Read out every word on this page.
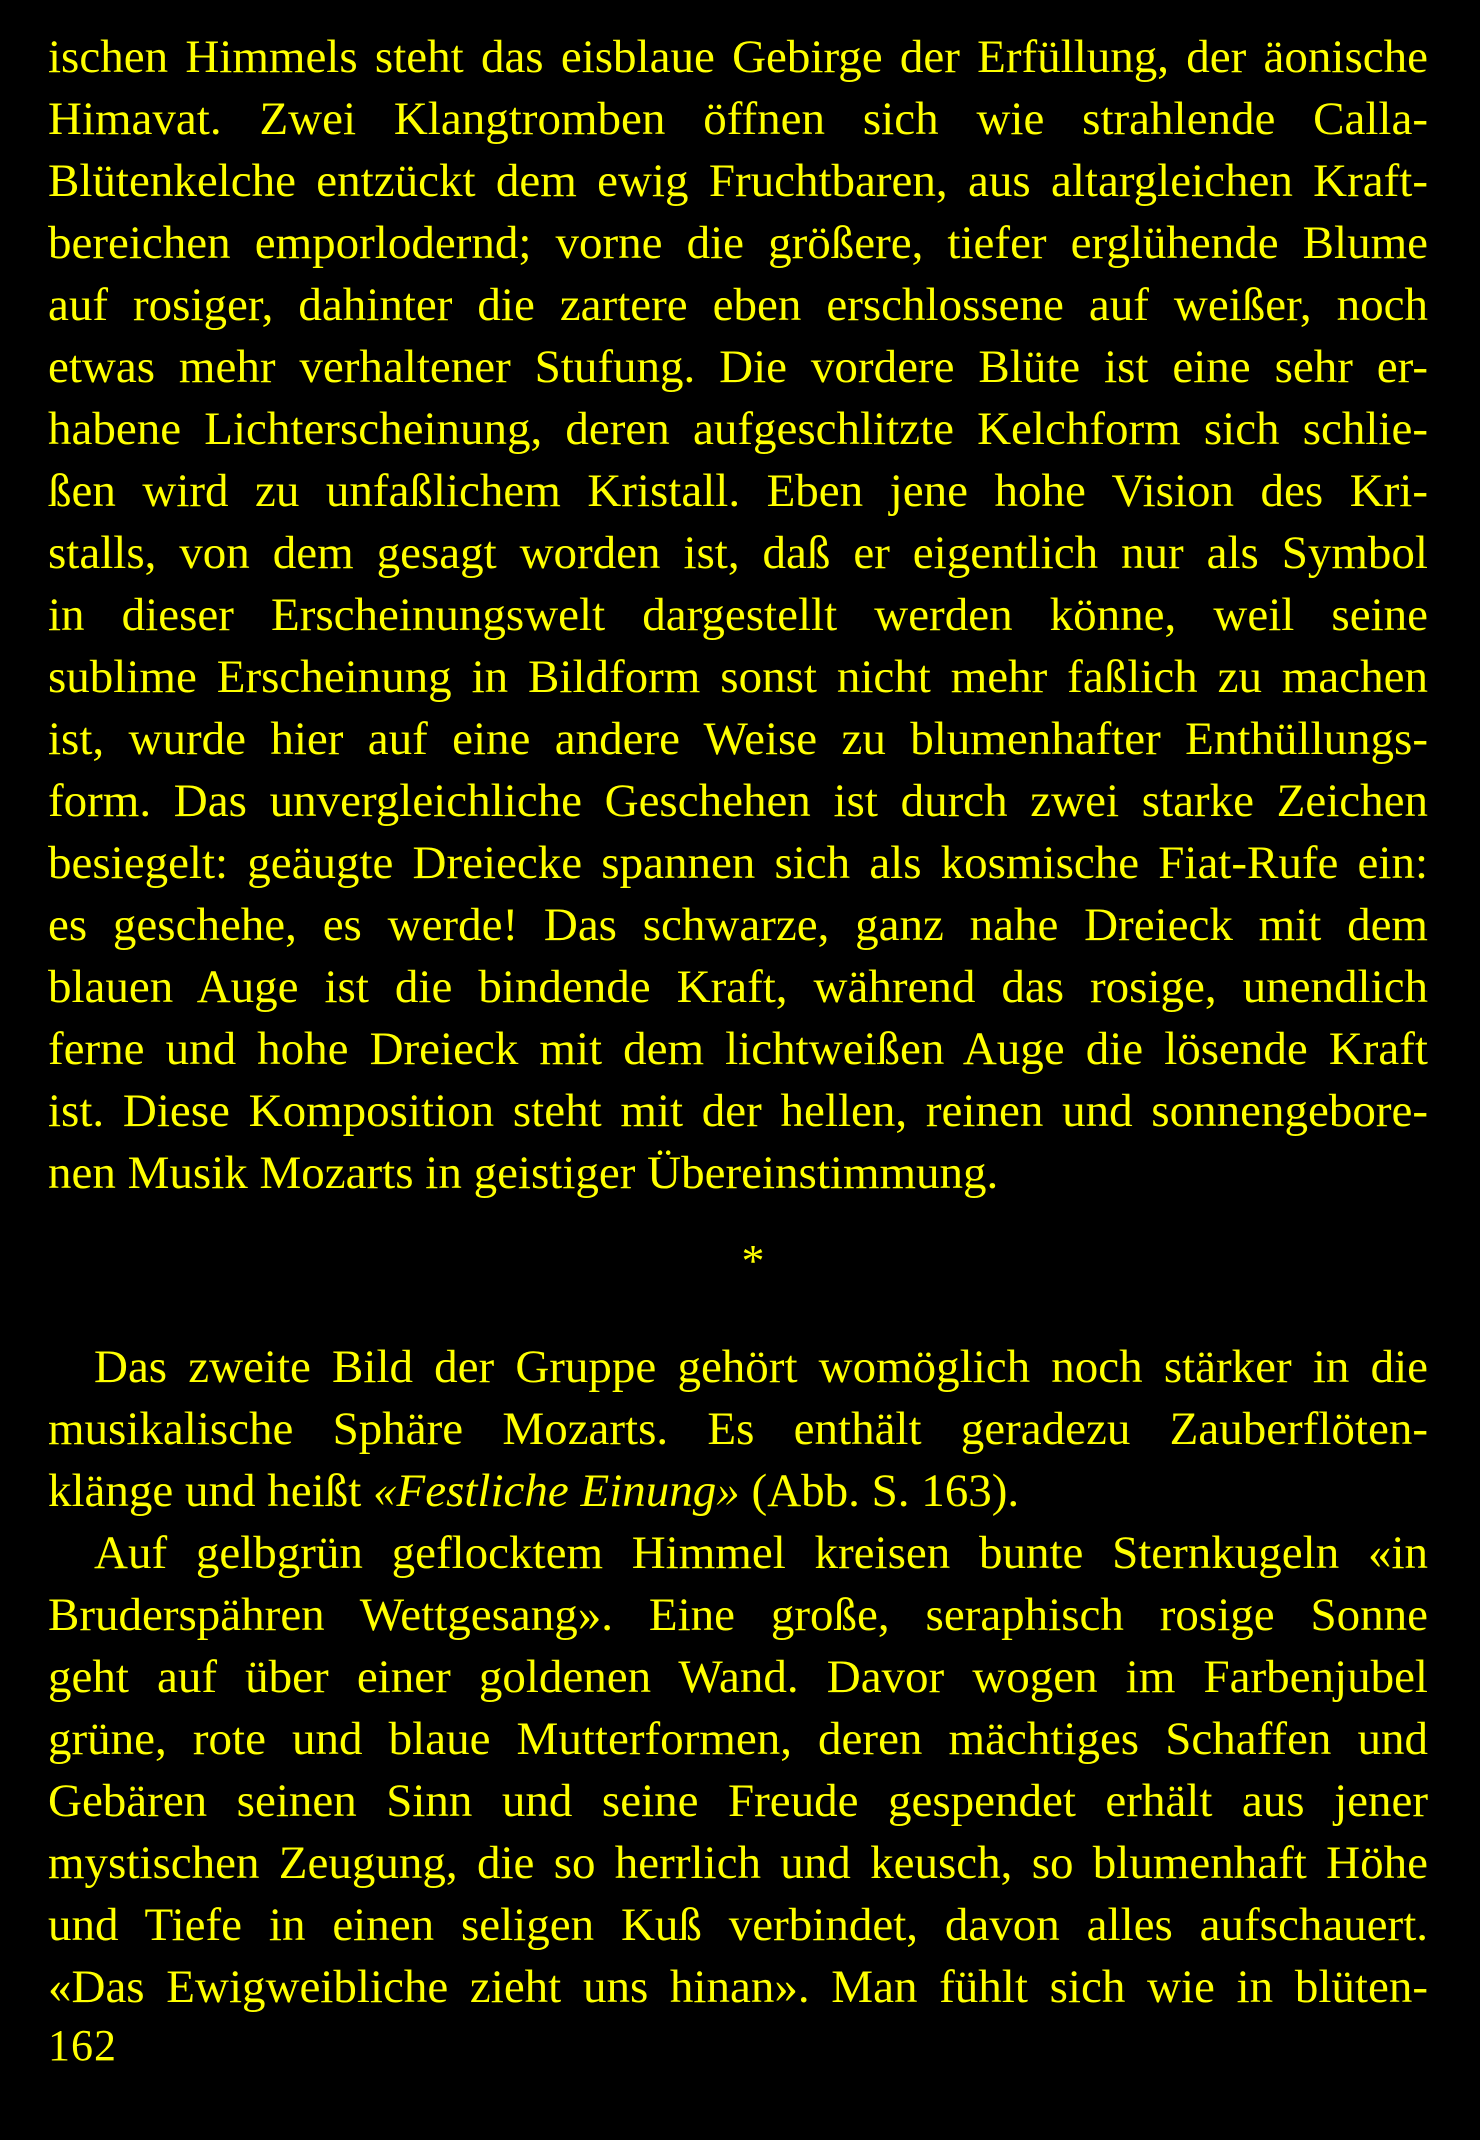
ischen Himmels steht das eisblaue Gebirge der Erfüllung, der äonische
Himavat. Zwei Klangtromben öffnen sich wie strahlende Calla-
Blütenkelche entzückt dem ewig Fruchtbaren, aus altargleichen Kraft-
bereichen emporlodernd; vorne die größere, tiefer erglühende Blume
auf rosiger, dahinter die zartere eben erschlossene auf weißer, noch
etwas mehr verhaltener Stufung. Die vordere Blüte ist eine sehr er-
habene Lichterscheinung, deren aufgeschlitzte Kelchform sich schlie-
ßen wird zu unfaßlichem Kristall. Eben jene hohe Vision des Kri-
stalls, von dem gesagt worden ist, daß er eigentlich nur als Symbol
in dieser Erscheinungswelt dargestellt werden könne, weil seine
sublime Erscheinung in Bildform sonst nicht mehr faßlich zu machen
ist, wurde hier auf eine andere Weise zu blumenhafter Enthüllungs-
form. Das unvergleichliche Geschehen ist durch zwei starke Zeichen
besiegelt: geäugte Dreiecke spannen sich als kosmische Fiat-Rufe ein:
es geschehe, es werde! Das schwarze, ganz nahe Dreieck mit dem
blauen Auge ist die bindende Kraft, während das rosige, unendlich
ferne und hohe Dreieck mit dem lichtweißen Auge die lösende Kraft
ist. Diese Komposition steht mit der hellen, reinen und sonnengebore-
nen Musik Mozarts in geistiger Übereinstimmung.
*
Das zweite Bild der Gruppe gehört womöglich noch stärker in die
musikalische Sphäre Mozarts. Es enthält geradezu Zauberflöten-
klänge und heißt «Festliche Einung» (Abb. S. 163).
Auf gelbgrün geflocktem Himmel kreisen bunte Sternkugeln «in
Bruderspähren Wettgesang». Eine große, seraphisch rosige Sonne
geht auf über einer goldenen Wand. Davor wogen im Farbenjubel
grüne, rote und blaue Mutterformen, deren mächtiges Schaffen und
Gebären seinen Sinn und seine Freude gespendet erhält aus jener
mystischen Zeugung, die so herrlich und keusch, so blumenhaft Höhe
und Tiefe in einen seligen Kuß verbindet, davon alles aufschauert.
«Das Ewigweibliche zieht uns hinan». Man fühlt sich wie in blüten-
162
